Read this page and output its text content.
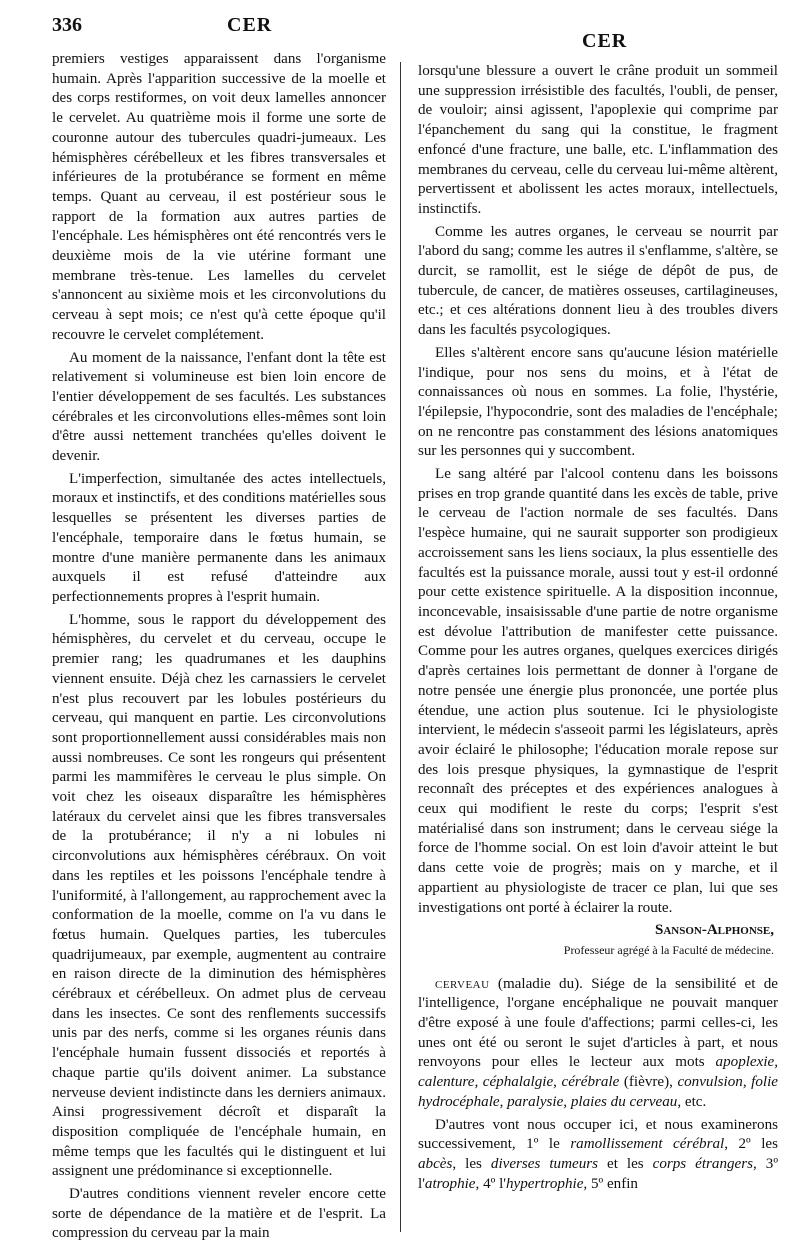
336	CER
CER

premiers vestiges apparaissent dans l'organisme humain. Après l'apparition successive de la moelle et des corps restiformes, on voit deux lamelles annoncer le cervelet. Au quatrième mois il forme une sorte de couronne autour des tubercules quadri-jumeaux. Les hémisphères cérébelleux et les fibres transversales et inférieures de la protubérance se forment en même temps. Quant au cerveau, il est postérieur sous le rapport de la formation aux autres parties de l'encéphale. Les hémisphères ont été rencontrés vers le deuxième mois de la vie utérine formant une membrane très-tenue. Les lamelles du cervelet s'annoncent au sixième mois et les circonvolutions du cerveau à sept mois; ce n'est qu'à cette époque qu'il recouvre le cervelet complétement.

Au moment de la naissance, l'enfant dont la tête est relativement si volumineuse est bien loin encore de l'entier développement de ses facultés. Les substances cérébrales et les circonvolutions elles-mêmes sont loin d'être aussi nettement tranchées qu'elles doivent le devenir.

L'imperfection, simultanée des actes intellectuels, moraux et instinctifs, et des conditions matérielles sous lesquelles se présentent les diverses parties de l'encéphale, temporaire dans le fœtus humain, se montre d'une manière permanente dans les animaux auxquels il est refusé d'atteindre aux perfectionnements propres à l'esprit humain.

L'homme, sous le rapport du développement des hémisphères, du cervelet et du cerveau, occupe le premier rang; les quadrumanes et les dauphins viennent ensuite. Déjà chez les carnassiers le cervelet n'est plus recouvert par les lobules postérieurs du cerveau, qui manquent en partie. Les circonvolutions sont proportionnellement aussi considérables mais non aussi nombreuses. Ce sont les rongeurs qui présentent parmi les mammifères le cerveau le plus simple. On voit chez les oiseaux disparaître les hémisphères latéraux du cervelet ainsi que les fibres transversales de la protubérance; il n'y a ni lobules ni circonvolutions aux hémisphères cérébraux. On voit dans les reptiles et les poissons l'encéphale tendre à l'uniformité, à l'allongement, au rapprochement avec la conformation de la moelle, comme on l'a vu dans le fœtus humain. Quelques parties, les tubercules quadrijumeaux, par exemple, augmentent au contraire en raison directe de la diminution des hémisphères cérébraux et cérébelleux. On admet plus de cerveau dans les insectes. Ce sont des renflements successifs unis par des nerfs, comme si les organes réunis dans l'encéphale humain fussent dissociés et reportés à chaque partie qu'ils doivent animer. La substance nerveuse devient indistincte dans les derniers animaux. Ainsi progressivement décroît et disparaît la disposition compliquée de l'encéphale humain, en même temps que les facultés qui le distinguent et lui assignent une prédominance si exceptionnelle.

D'autres conditions viennent reveler encore cette sorte de dépendance de la matière et de l'esprit. La compression du cerveau par la main

lorsqu'une blessure a ouvert le crâne produit un sommeil une suppression irrésistible des facultés, l'oubli, de penser, de vouloir; ainsi agissent, l'apoplexie qui comprime par l'épanchement du sang qui la constitue, le fragment enfoncé d'une fracture, une balle, etc. L'inflammation des membranes du cerveau, celle du cerveau lui-même altèrent, pervertissent et abolissent les actes moraux, intellectuels, instinctifs.

Comme les autres organes, le cerveau se nourrit par l'abord du sang; comme les autres il s'enflamme, s'altère, se durcit, se ramollit, est le siége de dépôt de pus, de tubercule, de cancer, de matières osseuses, cartilagineuses, etc.; et ces altérations donnent lieu à des troubles divers dans les facultés psycologiques.

Elles s'altèrent encore sans qu'aucune lésion matérielle l'indique, pour nos sens du moins, et à l'état de connaissances où nous en sommes. La folie, l'hystérie, l'épilepsie, l'hypocondrie, sont des maladies de l'encéphale; on ne rencontre pas constamment des lésions anatomiques sur les personnes qui y succombent.

Le sang altéré par l'alcool contenu dans les boissons prises en trop grande quantité dans les excès de table, prive le cerveau de l'action normale de ses facultés. Dans l'espèce humaine, qui ne saurait supporter son prodigieux accroissement sans les liens sociaux, la plus essentielle des facultés est la puissance morale, aussi tout y est-il ordonné pour cette existence spirituelle. A la disposition inconnue, inconcevable, insaisissable d'une partie de notre organisme est dévolue l'attribution de manifester cette puissance. Comme pour les autres organes, quelques exercices dirigés d'après certaines lois permettant de donner à l'organe de notre pensée une énergie plus prononcée, une portée plus étendue, une action plus soutenue. Ici le physiologiste intervient, le médecin s'asseoit parmi les législateurs, après avoir éclairé le philosophe; l'éducation morale repose sur des lois presque physiques, la gymnastique de l'esprit reconnaît des préceptes et des expériences analogues à ceux qui modifient le reste du corps; l'esprit s'est matérialisé dans son instrument; dans le cerveau siége la force de l'homme social. On est loin d'avoir atteint le but dans cette voie de progrès; mais on y marche, et il appartient au physiologiste de tracer ce plan, lui que ses investigations ont porté à éclairer la route.

Sanson-Alphonse,
Professeur agrégé à la Faculté de médecine.

cerveau (maladie du). Siége de la sensibilité et de l'intelligence, l'organe encéphalique ne pouvait manquer d'être exposé à une foule d'affections; parmi celles-ci, les unes ont été ou seront le sujet d'articles à part, et nous renvoyons pour elles le lecteur aux mots apoplexie, calenture, céphalalgie, cérébrale (fièvre), convulsion, folie hydrocéphale, paralysie, plaies du cerveau, etc.

D'autres vont nous occuper ici, et nous examinerons successivement, 1º le ramollissement cérébral, 2º les abcès, les diverses tumeurs et les corps étrangers, 3º l'atrophie, 4º l'hypertrophie, 5º enfin
